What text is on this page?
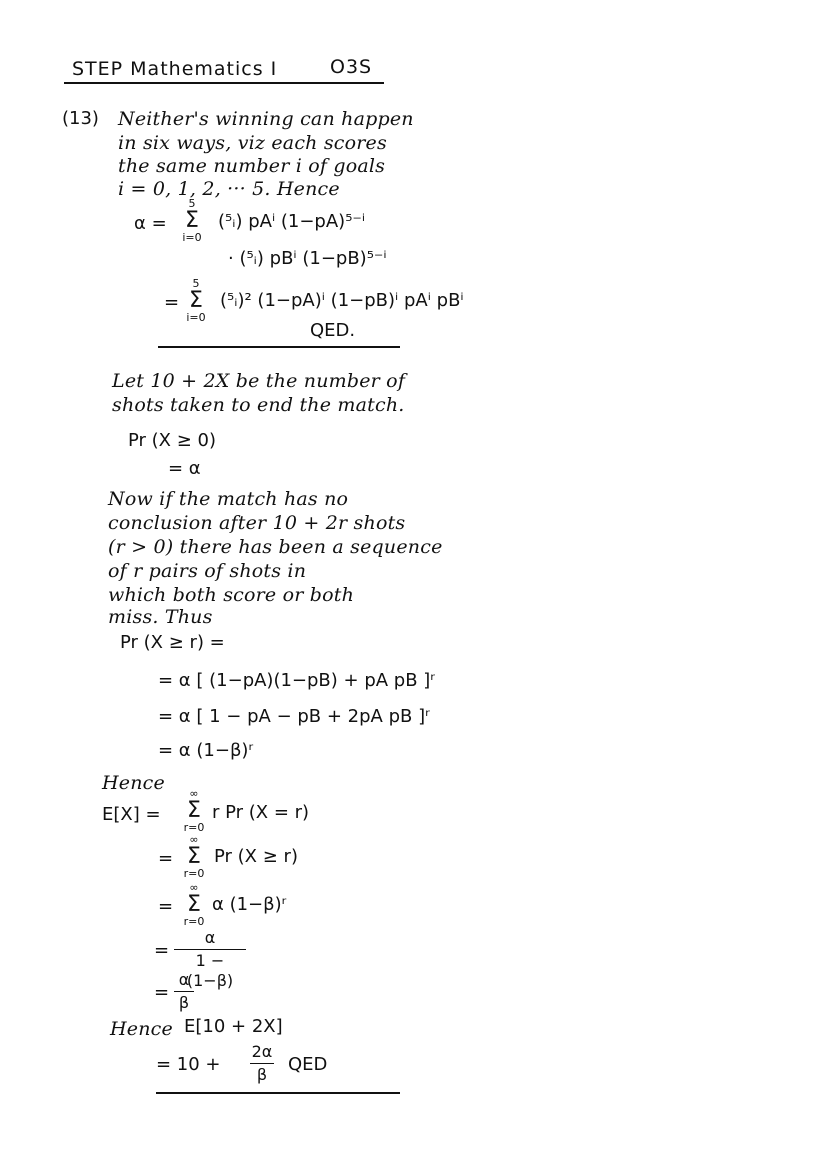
STEP Mathematics I	O3S
(13) Neither's winning can happen
in six ways, viz each scores
the same number i of goals
i = 0, 1, 2, ··· 5. Hence
α =
5
Σ
i=0
(⁵ᵢ) pAⁱ (1−pA)⁵⁻ⁱ
· (⁵ᵢ) pBⁱ (1−pB)⁵⁻ⁱ
=
5
Σ
i=0
(⁵ᵢ)² (1−pA)ⁱ (1−pB)ⁱ pAⁱ pBⁱ
QED.
Let 10 + 2X be the number of
shots taken to end the match.
Pr (X ≥ 0)
= α
Now if the match has no
conclusion after 10 + 2r shots
(r > 0) there has been a sequence
of r pairs of shots in
which both score or both
miss. Thus
Pr (X ≥ r) =
= α [ (1−pA)(1−pB) + pA pB ]ʳ
= α [ 1 − pA − pB + 2pA pB ]ʳ
= α (1−β)ʳ
Hence
E[X] =
∞
Σ
r=0
r Pr (X = r)
=
∞
Σ
r=0
Pr (X ≥ r)
=
∞
Σ
r=0
α (1−β)ʳ
=
α
1 − (1−β)
=
α
β
Hence E[10 + 2X]
= 10 +
2α
β	QED
